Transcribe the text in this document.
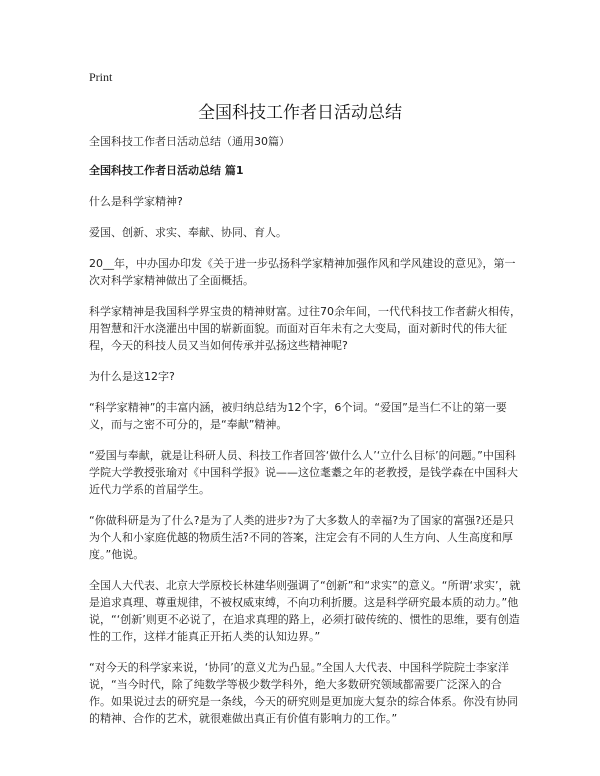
Print
全国科技工作者日活动总结

全国科技工作者日活动总结（通用30篇）

全国科技工作者日活动总结 篇1

什么是科学家精神?

爱国、创新、求实、奉献、协同、育人。

20__年，中办国办印发《关于进一步弘扬科学家精神加强作风和学风建设的意见》，第一次对科学家精神做出了全面概括。

科学家精神是我国科学界宝贵的精神财富。过往70余年间，一代代科技工作者薪火相传，用智慧和汗水浇灌出中国的崭新面貌。而面对百年未有之大变局，面对新时代的伟大征程，今天的科技人员又当如何传承并弘扬这些精神呢?

为什么是这12字?

“科学家精神”的丰富内涵，被归纳总结为12个字，6个词。“爱国”是当仁不让的第一要义，而与之密不可分的，是“奉献”精神。

“爱国与奉献，就是让科研人员、科技工作者回答‘做什么人’‘立什么目标’的问题。”中国科学院大学教授张瑜对《中国科学报》说——这位耄耋之年的老教授，是钱学森在中国科大近代力学系的首届学生。

“你做科研是为了什么?是为了人类的进步?为了大多数人的幸福?为了国家的富强?还是只为个人和小家庭优越的物质生活?不同的答案，注定会有不同的人生方向、人生高度和厚度。”他说。

全国人大代表、北京大学原校长林建华则强调了“创新”和“求实”的意义。“所谓‘求实’，就是追求真理、尊重规律，不被权威束缚，不向功利折腰。这是科学研究最本质的动力。”他说，“‘创新’则更不必说了，在追求真理的路上，必须打破传统的、惯性的思维，要有创造性的工作，这样才能真正开拓人类的认知边界。”

“对今天的科学家来说，‘协同’的意义尤为凸显。”全国人大代表、中国科学院院士李家洋说，“当今时代，除了纯数学等极少数学科外，绝大多数研究领域都需要广泛深入的合作。如果说过去的研究是一条线，今天的研究则是更加庞大复杂的综合体系。你没有协同的精神、合作的艺术，就很难做出真正有价值有影响力的工作。”
